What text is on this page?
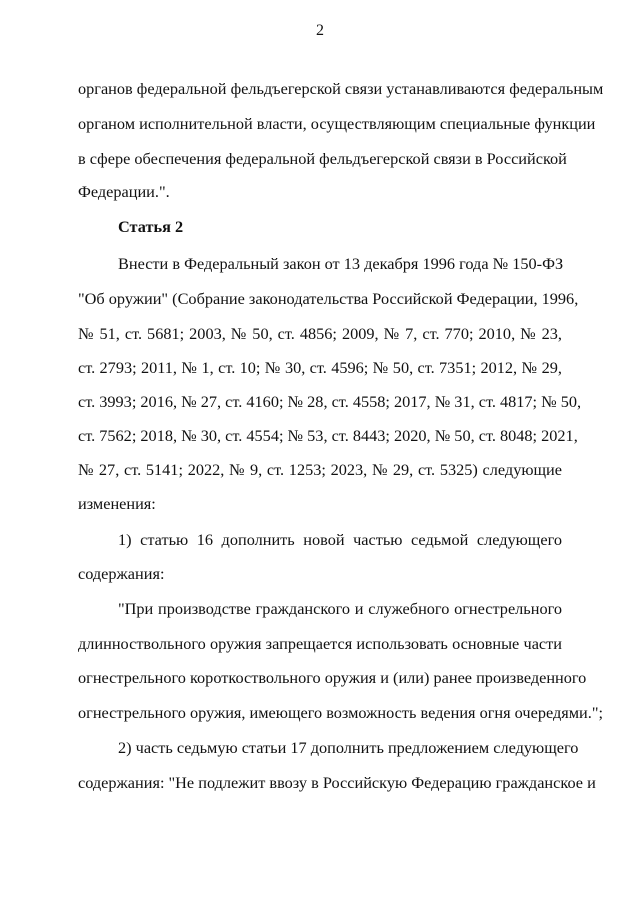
2
органов федеральной фельдъегерской связи устанавливаются федеральным
органом исполнительной власти, осуществляющим специальные функции
в сфере обеспечения федеральной фельдъегерской связи в Российской
Федерации.".
Статья 2
Внести в Федеральный закон от 13 декабря 1996 года № 150-ФЗ
"Об оружии" (Собрание законодательства Российской Федерации, 1996,
№ 51, ст. 5681; 2003, № 50, ст. 4856; 2009, № 7, ст. 770; 2010, № 23,
ст. 2793; 2011, № 1, ст. 10; № 30, ст. 4596; № 50, ст. 7351; 2012, № 29,
ст. 3993; 2016, № 27, ст. 4160; № 28, ст. 4558; 2017, № 31, ст. 4817; № 50,
ст. 7562; 2018, № 30, ст. 4554; № 53, ст. 8443; 2020, № 50, ст. 8048; 2021,
№ 27, ст. 5141; 2022, № 9, ст. 1253; 2023, № 29, ст. 5325) следующие
изменения:
1) статью 16 дополнить новой частью седьмой следующего
содержания:
"При производстве гражданского и служебного огнестрельного
длинноствольного оружия запрещается использовать основные части
огнестрельного короткоствольного оружия и (или) ранее произведенного
огнестрельного оружия, имеющего возможность ведения огня очередями.";
2) часть седьмую статьи 17 дополнить предложением следующего
содержания: "Не подлежит ввозу в Российскую Федерацию гражданское и
